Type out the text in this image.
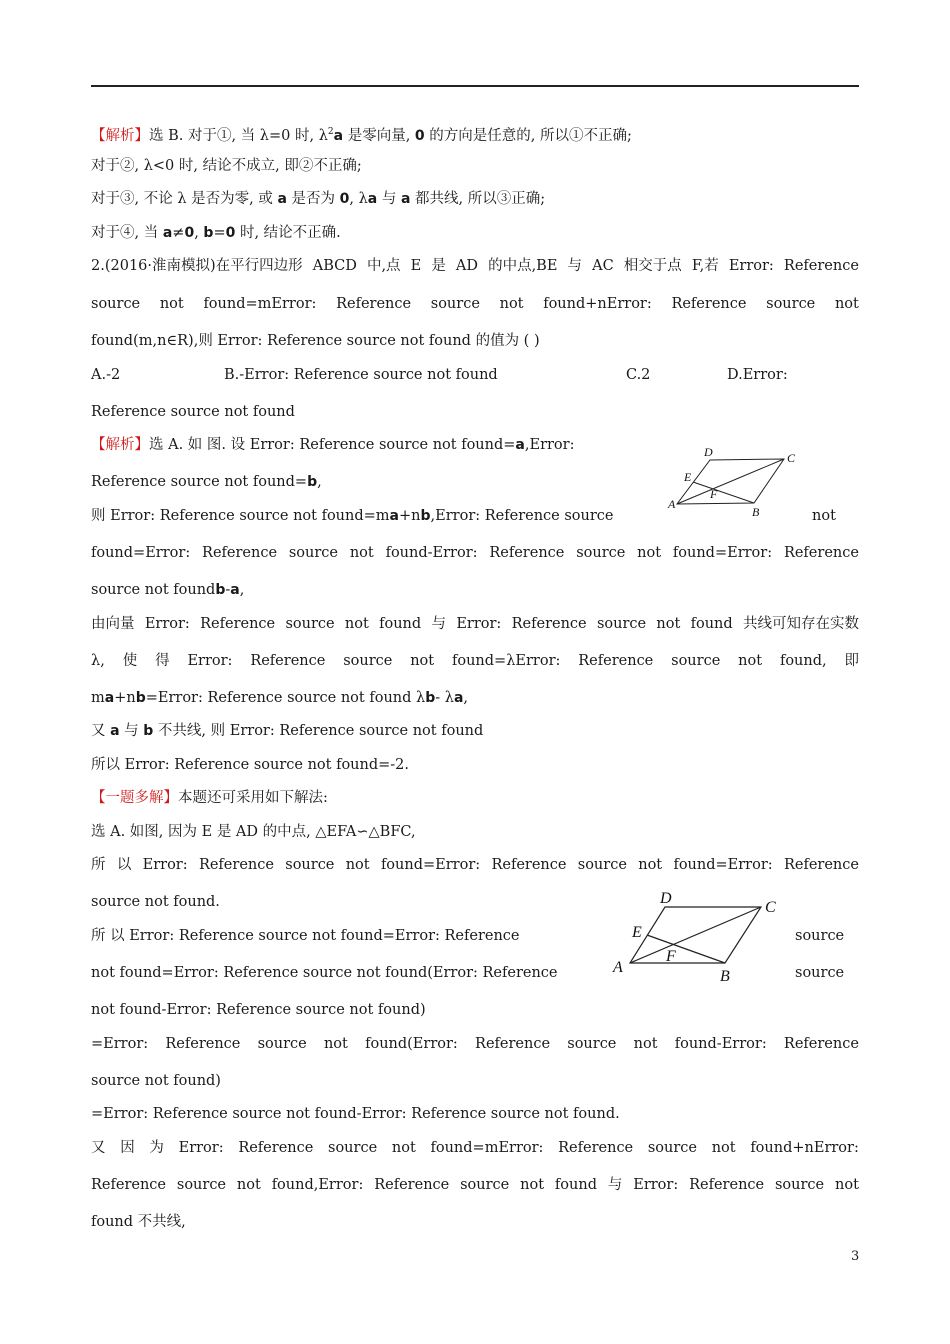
【解析】选 B. 对于①, 当 λ=0 时, $\lambda^2a$ 是零向量, 0 的方向是任意的, 所以①不正确;
对于②, λ<0 时, 结论不成立, 即②不正确;
对于③, 不论 λ 是否为零, 或 a 是否为 0, λa 与 a 都共线, 所以③正确;
对于④, 当 a≠0, b=0 时, 结论不正确.
2.(2016·淮南模拟)在平行四边形 ABCD 中,点 E 是 AD 的中点,BE 与 AC 相交于点 F,若 Error: Reference
source not found=mError: Reference source not found+nError: Reference source not
found(m,n∈R),则 Error: Reference source not found 的值为 ( )
A.-2	B.-Error: Reference source not found	C.2	D.Error:
Reference source not found
【解析】选 A. 如 图. 设 Error: Reference source not found=a,Error:
Reference source not found=b,
则 Error: Reference source not found=ma+nb,Error: Reference source	not
D	C
E
F
A
B
found=Error: Reference source not found-Error: Reference source not found=Error: Reference
source not foundb-a,
由向量 Error: Reference source not found 与 Error: Reference source not found 共线可知存在实数
λ, 使 得 Error: Reference source not found=λError: Reference source not found, 即
ma+nb=Error: Reference source not found λb- λa,
又 a 与 b 不共线, 则 Error: Reference source not found
所以 Error: Reference source not found=-2.
【一题多解】本题还可采用如下解法:
选 A. 如图, 因为 E 是 AD 的中点, △EFA∽△BFC,
所 以 Error: Reference source not found=Error: Reference source not found=Error: Reference
source not found.
所 以 Error: Reference source not found=Error: Reference	source
not found=Error: Reference source not found(Error: Reference	source
D
C
E
F
A
B
not found-Error: Reference source not found)
=Error: Reference source not found(Error: Reference source not found-Error: Reference
source not found)
=Error: Reference source not found-Error: Reference source not found.
又 因 为 Error: Reference source not found=mError: Reference source not found+nError:
Reference source not found,Error: Reference source not found 与 Error: Reference source not
found 不共线,
3
